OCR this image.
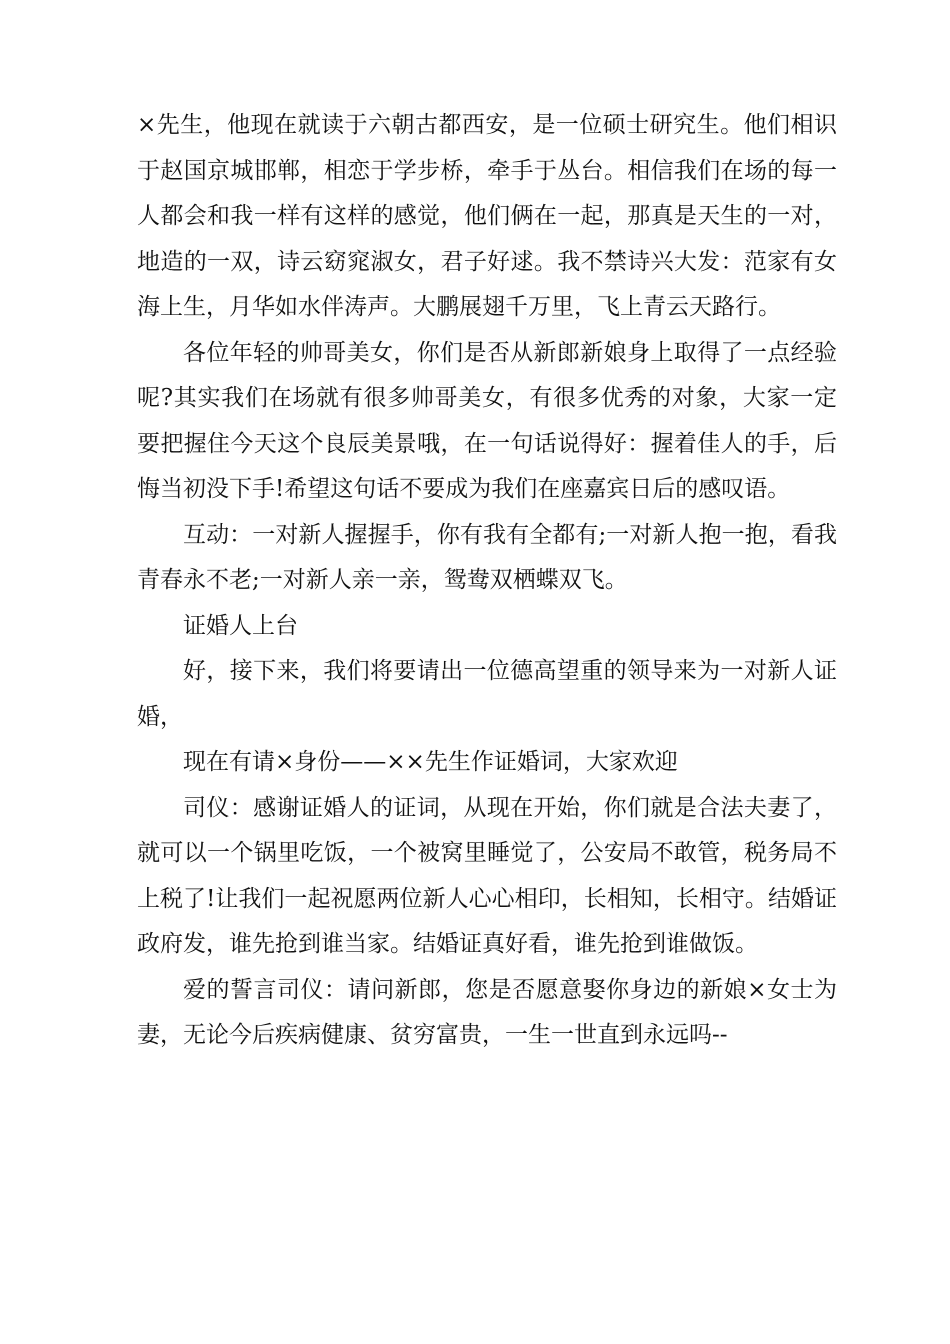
×先生，他现在就读于六朝古都西安，是一位硕士研究生。他们相识于赵国京城邯郸，相恋于学步桥，牵手于丛台。相信我们在场的每一人都会和我一样有这样的感觉，他们俩在一起，那真是天生的一对，地造的一双，诗云窈窕淑女，君子好逑。我不禁诗兴大发：范家有女海上生，月华如水伴涛声。大鹏展翅千万里，飞上青云天路行。

各位年轻的帅哥美女，你们是否从新郎新娘身上取得了一点经验呢?其实我们在场就有很多帅哥美女，有很多优秀的对象，大家一定要把握住今天这个良辰美景哦，在一句话说得好：握着佳人的手，后悔当初没下手!希望这句话不要成为我们在座嘉宾日后的感叹语。

互动：一对新人握握手，你有我有全都有;一对新人抱一抱，看我青春永不老;一对新人亲一亲，鸳鸯双栖蝶双飞。

证婚人上台

好，接下来，我们将要请出一位德高望重的领导来为一对新人证婚，

现在有请×身份——××先生作证婚词，大家欢迎

司仪：感谢证婚人的证词，从现在开始，你们就是合法夫妻了，就可以一个锅里吃饭，一个被窝里睡觉了，公安局不敢管，税务局不上税了!让我们一起祝愿两位新人心心相印，长相知，长相守。结婚证政府发，谁先抢到谁当家。结婚证真好看，谁先抢到谁做饭。

爱的誓言司仪：请问新郎，您是否愿意娶你身边的新娘×女士为妻，无论今后疾病健康、贫穷富贵，一生一世直到永远吗--
